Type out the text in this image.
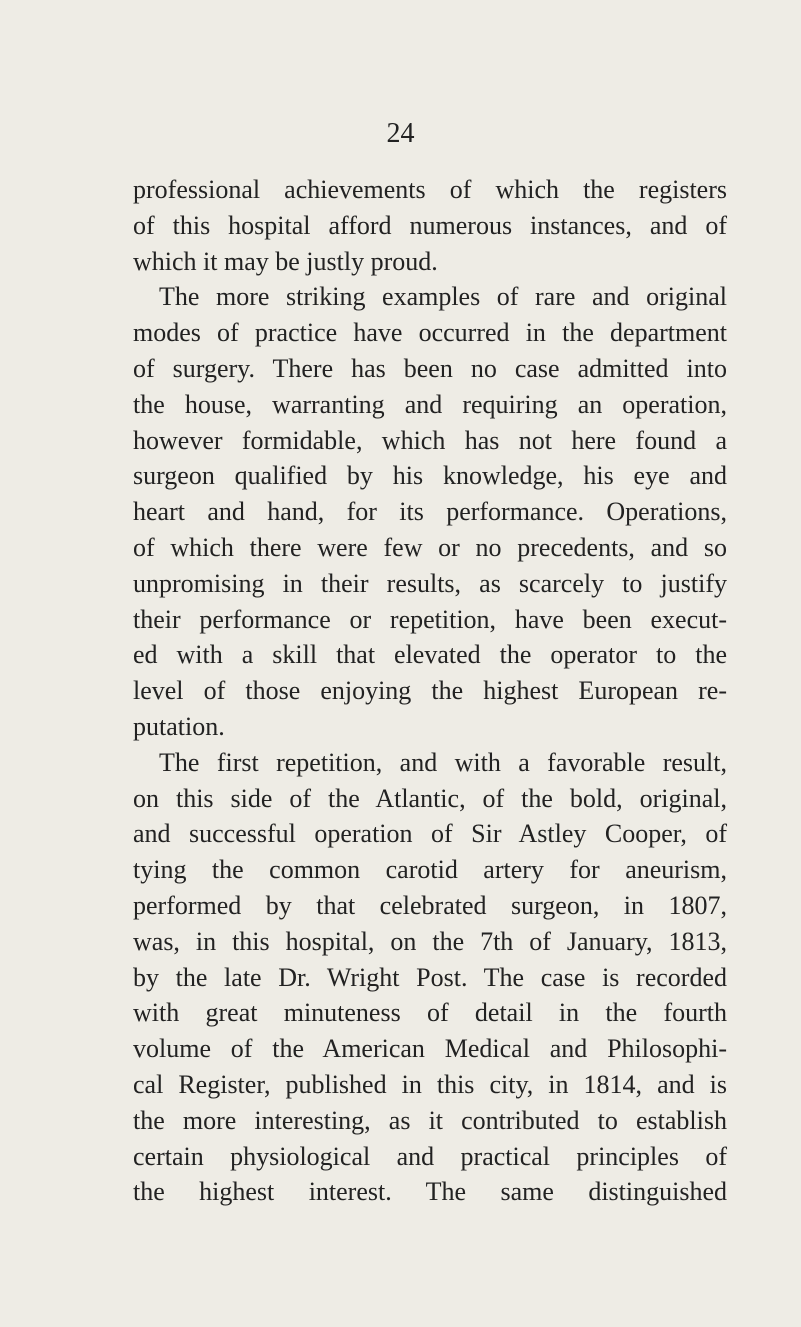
24
professional achievements of which the registers
of this hospital afford numerous instances, and of
which it may be justly proud.
The more striking examples of rare and original
modes of practice have occurred in the department
of surgery. There has been no case admitted into
the house, warranting and requiring an operation,
however formidable, which has not here found a
surgeon qualified by his knowledge, his eye and
heart and hand, for its performance. Operations,
of which there were few or no precedents, and so
unpromising in their results, as scarcely to justify
their performance or repetition, have been execut-
ed with a skill that elevated the operator to the
level of those enjoying the highest European re-
putation.
The first repetition, and with a favorable result,
on this side of the Atlantic, of the bold, original,
and successful operation of Sir Astley Cooper, of
tying the common carotid artery for aneurism,
performed by that celebrated surgeon, in 1807,
was, in this hospital, on the 7th of January, 1813,
by the late Dr. Wright Post. The case is recorded
with great minuteness of detail in the fourth
volume of the American Medical and Philosophi-
cal Register, published in this city, in 1814, and is
the more interesting, as it contributed to establish
certain physiological and practical principles of
the highest interest. The same distinguished
